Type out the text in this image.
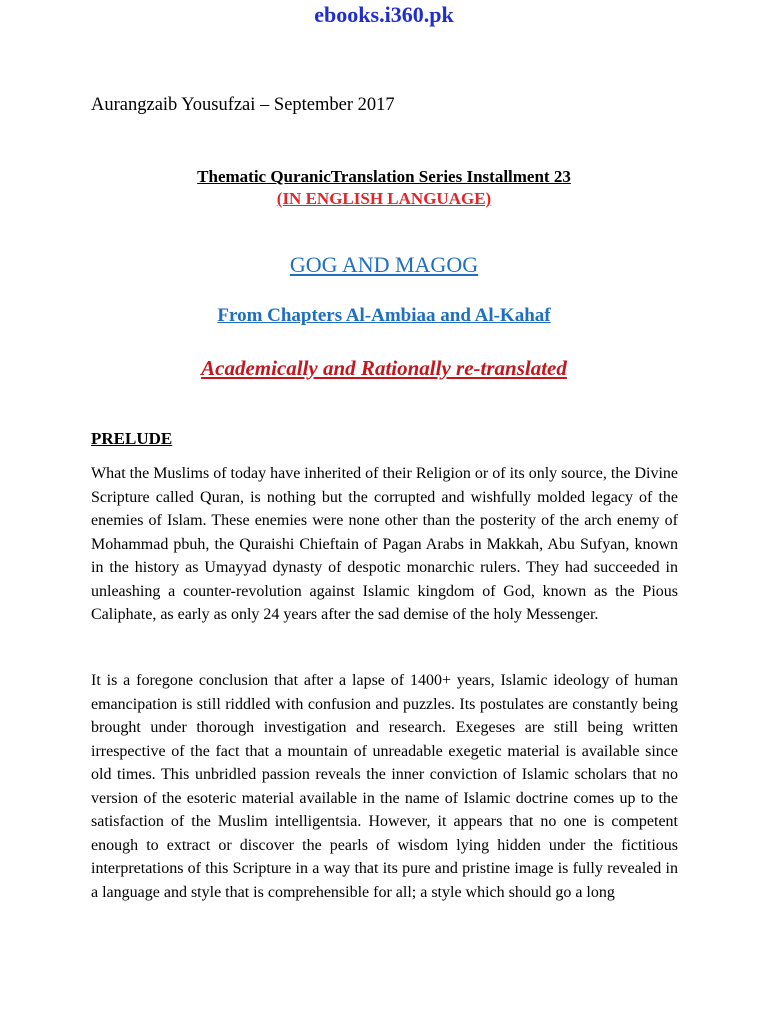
ebooks.i360.pk
Aurangzaib Yousufzai – September 2017
Thematic QuranicTranslation Series Installment 23
(IN ENGLISH LANGUAGE)
GOG AND MAGOG
From Chapters Al-Ambiaa and Al-Kahaf
Academically and Rationally re-translated
PRELUDE

What the Muslims of today have inherited of their Religion or of its only source, the Divine Scripture called Quran, is nothing but the corrupted and wishfully molded legacy of the enemies of Islam. These enemies were none other than the posterity of the arch enemy of Mohammad pbuh, the Quraishi Chieftain of Pagan Arabs in Makkah, Abu Sufyan, known in the history as Umayyad dynasty of despotic monarchic rulers. They had succeeded in unleashing a counter-revolution against Islamic kingdom of God, known as the Pious Caliphate, as early as only 24 years after the sad demise of the holy Messenger.

It is a foregone conclusion that after a lapse of 1400+ years, Islamic ideology of human emancipation is still riddled with confusion and puzzles. Its postulates are constantly being brought under thorough investigation and research. Exegeses are still being written irrespective of the fact that a mountain of unreadable exegetic material is available since old times. This unbridled passion reveals the inner conviction of Islamic scholars that no version of the esoteric material available in the name of Islamic doctrine comes up to the satisfaction of the Muslim intelligentsia. However, it appears that no one is competent enough to extract or discover the pearls of wisdom lying hidden under the fictitious interpretations of this Scripture in a way that its pure and pristine image is fully revealed in a language and style that is comprehensible for all; a style which should go a long
